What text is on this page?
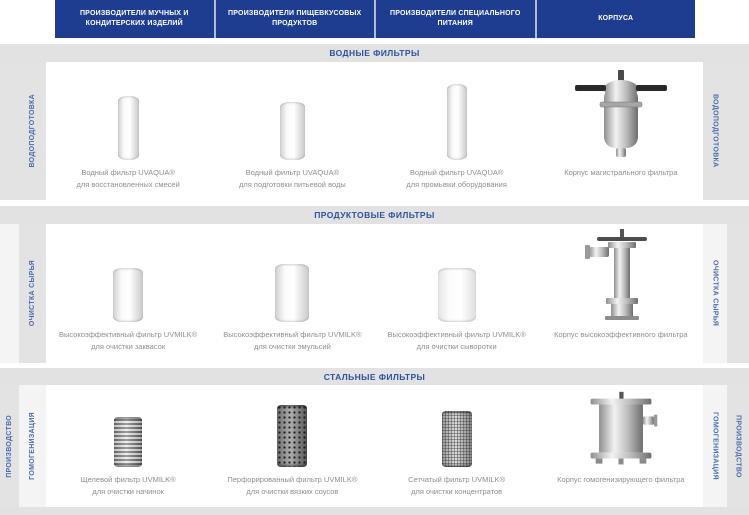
ПРОИЗВОДИТЕЛИ МУЧНЫХ И КОНДИТЕРСКИХ ИЗДЕЛИЙ
ПРОИЗВОДИТЕЛИ ПИЩЕВКУСОВЫХ ПРОДУКТОВ
ПРОИЗВОДИТЕЛИ СПЕЦИАЛЬНОГО ПИТАНИЯ
КОРПУСА
ВОДНЫЕ ФИЛЬТРЫ
ВОДОПОДГОТОВКА
Водный фильтр UVAQUA®
для восстановленных смесей
Водный фильтр UVAQUA®
для подготовки питьевой воды
Водный фильтр UVAQUA®
для промывки оборудования
Корпус магистрального фильтра
ВОДОПОДГОТОВКА
ПРОДУКТОВЫЕ ФИЛЬТРЫ
ОЧИСТКА СЫРЬЯ
Высокоэффективный фильтр UVMILK®
для очистки заквасок
Высокоэффективный фильтр UVMILK®
для очистки эмульсий
Высокоэффективный фильтр UVMILK®
для очистки сыворотки
Корпус высокоэффективного фильтра
ОЧИСТКА СЫРЬЯ
СТАЛЬНЫЕ ФИЛЬТРЫ
ПРОИЗВОДСТВО ГОМОГЕНИЗАЦИЯ	Щелевой фильтр UVMILK®
для очистки начинок
Перфорированный фильтр UVMILK®
для очистки вязких соусов
Сетчатый фильтр UVMILK®
для очистки концентратов
Корпус гомогенизирующего фильтра	ГОМОГЕНИЗАЦИЯ ПРОИЗВОДСТВО
